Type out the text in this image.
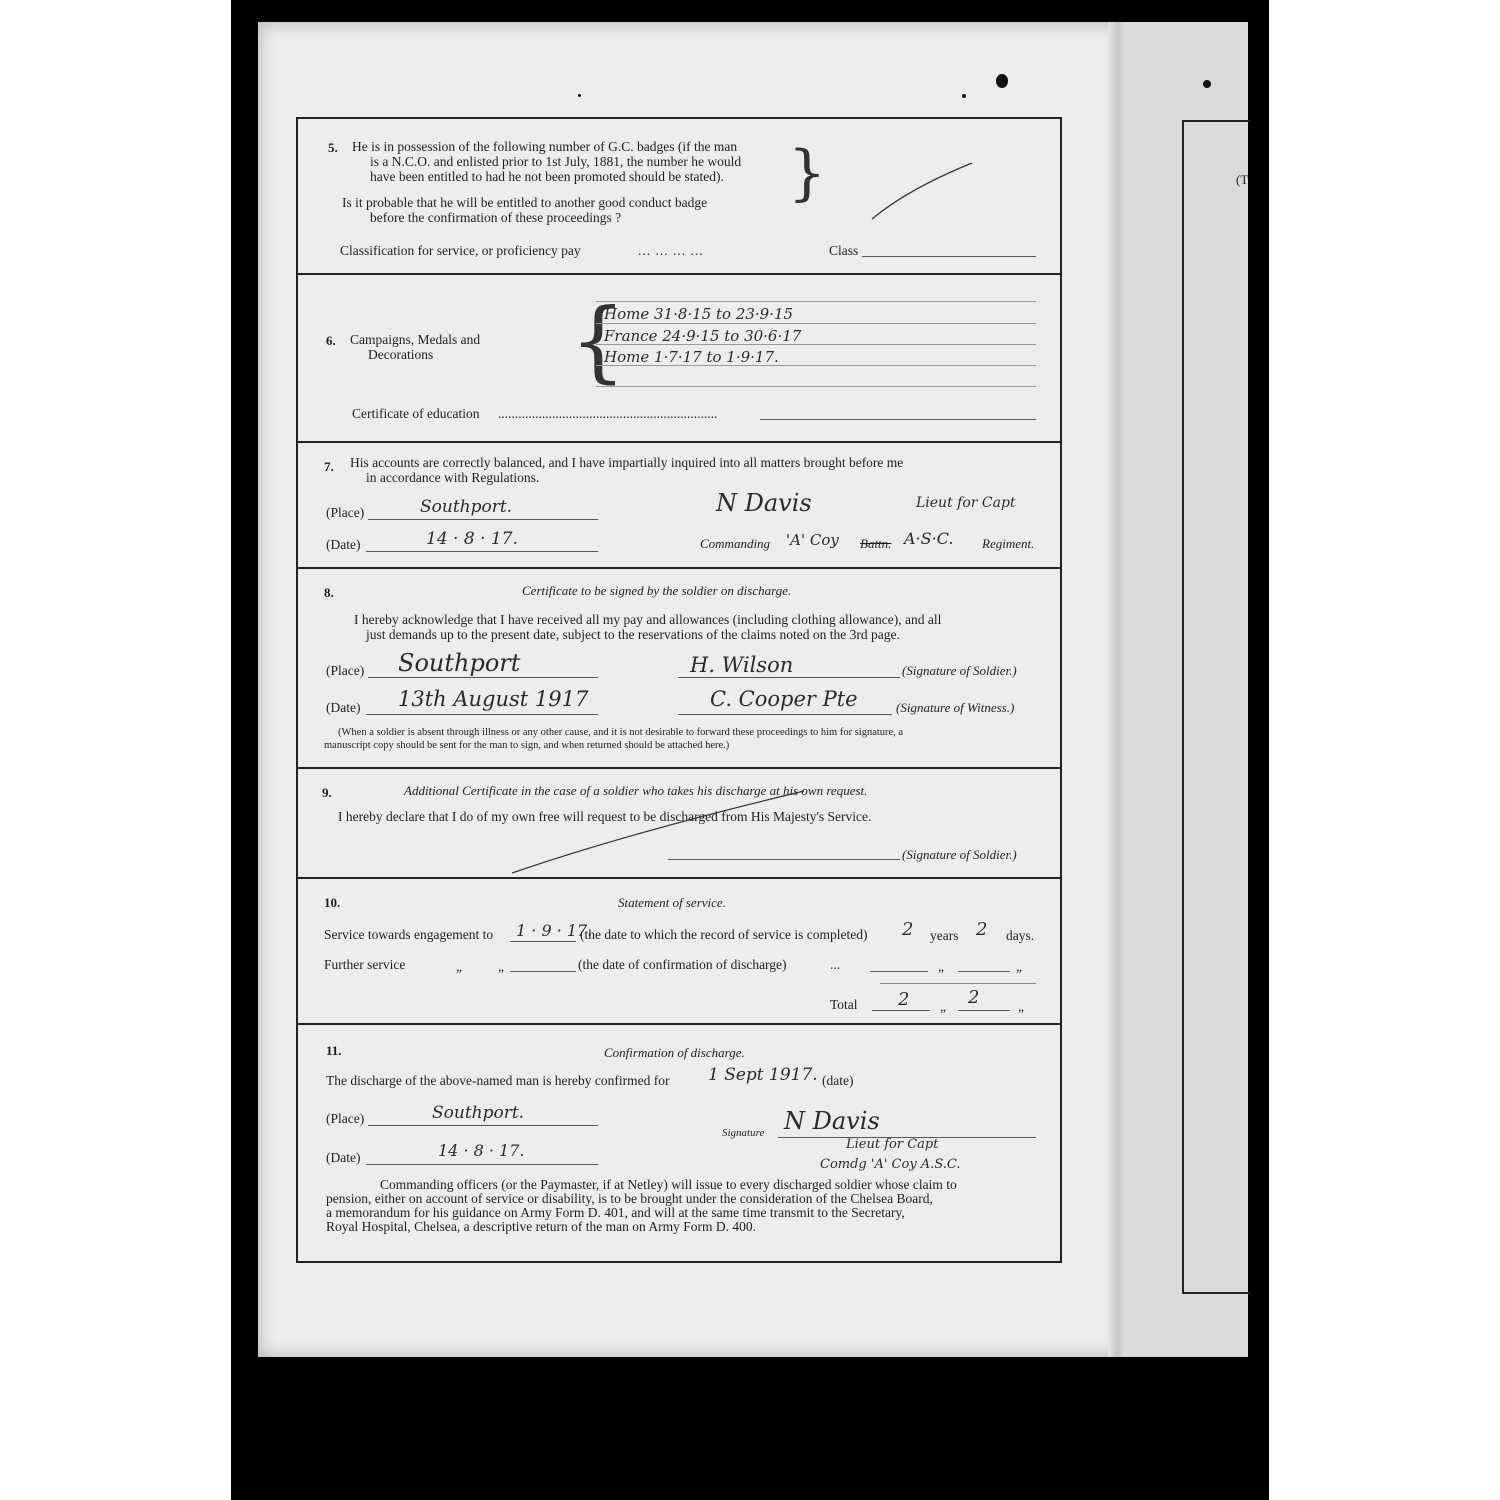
(T
5. He is in possession of the following number of G.C. badges (if the man
is a N.C.O. and enlisted prior to 1st July, 1881, the number he would
have been entitled to had he not been promoted should be stated).
Is it probable that he will be entitled to another good conduct badge
before the confirmation of these proceedings ?
}
Classification for service, or proficiency pay	... ... ... ...	Class
6. Campaigns, Medals and
Decorations {
Home 31·8·15 to 23·9·15
France 24·9·15 to 30·6·17
Home 1·7·17 to 1·9·17.
Certificate of education .................................................................
7. His accounts are correctly balanced, and I have impartially inquired into all matters brought before me
in accordance with Regulations.
(Place)	Southport.
(Date)	14 · 8 · 17.
N Davis	Lieut for Capt
Commanding 'A' Coy Battn. A·S·C. Regiment.
8.	Certificate to be signed by the soldier on discharge.
I hereby acknowledge that I have received all my pay and allowances (including clothing allowance), and all
just demands up to the present date, subject to the reservations of the claims noted on the 3rd page.
(Place) Southport	H. Wilson	(Signature of Soldier.)
(Date) 13th August 1917	C. Cooper Pte	(Signature of Witness.)
(When a soldier is absent through illness or any other cause, and it is not desirable to forward these proceedings to him for signature, a
manuscript copy should be sent for the man to sign, and when returned should be attached here.)
9.	Additional Certificate in the case of a soldier who takes his discharge at his own request.
I hereby declare that I do of my own free will request to be discharged from His Majesty's Service.
(Signature of Soldier.)
10.	Statement of service.
Service towards engagement to 1 · 9 · 17.
(the date to which the record of service is completed) 2 years 2 days.
Further service	„	„	(the date of confirmation of discharge)	...	„	„
Total 2 „ 2	„
11.	Confirmation of discharge.
The discharge of the above-named man is hereby confirmed for 1 Sept 1917. (date)
(Place)	Southport.
(Date)	14 · 8 · 17.
Signature N Davis
Lieut for Capt
Comdg 'A' Coy A.S.C.
Commanding officers (or the Paymaster, if at Netley) will issue to every discharged soldier whose claim to
pension, either on account of service or disability, is to be brought under the consideration of the Chelsea Board,
a memorandum for his guidance on Army Form D. 401, and will at the same time transmit to the Secretary,
Royal Hospital, Chelsea, a descriptive return of the man on Army Form D. 400.
